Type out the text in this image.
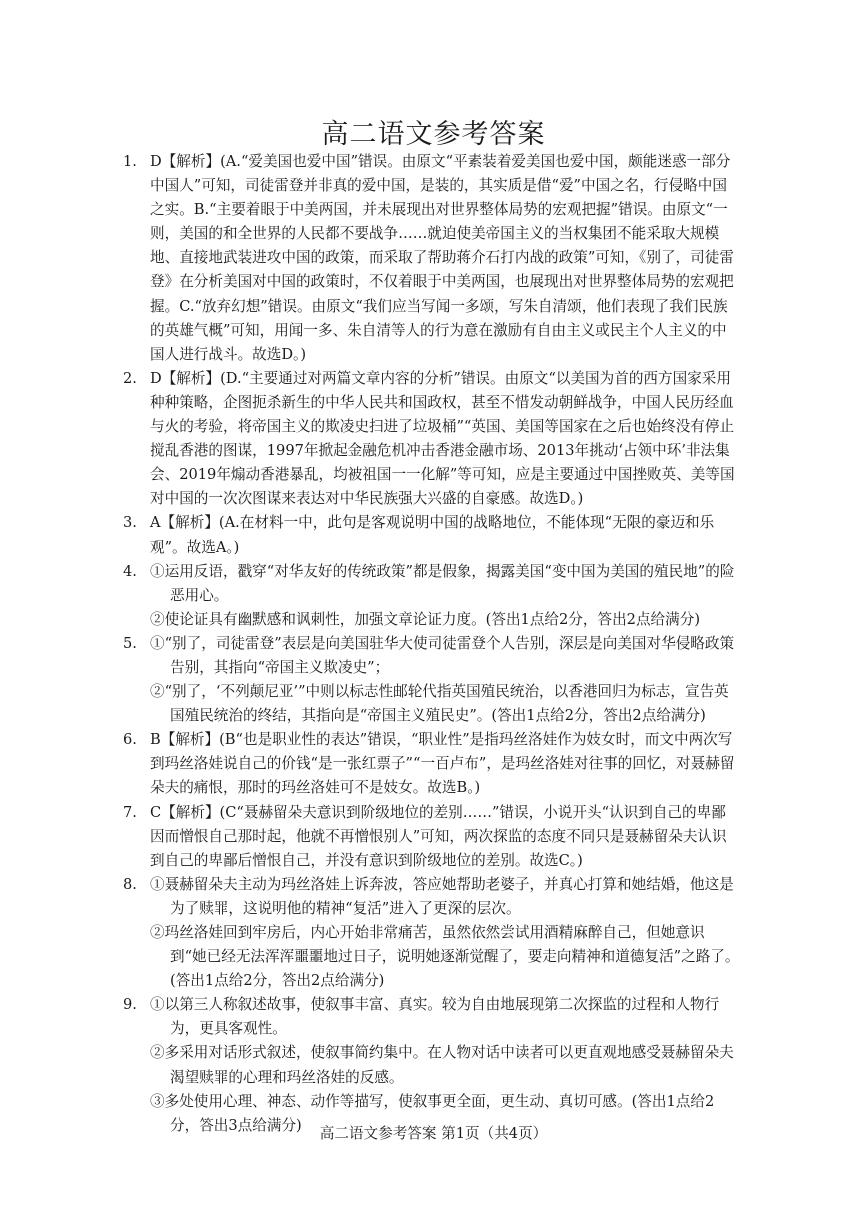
高二语文参考答案
1. D【解析】(A.“爱美国也爱中国”错误。由原文“平素装着爱美国也爱中国，颇能迷惑一部分中国人”可知，司徒雷登并非真的爱中国，是装的，其实质是借“爱”中国之名，行侵略中国之实。B.“主要着眼于中美两国，并未展现出对世界整体局势的宏观把握”错误。由原文“一则，美国的和全世界的人民都不要战争……就迫使美帝国主义的当权集团不能采取大规模地、直接地武装进攻中国的政策，而采取了帮助蒋介石打内战的政策”可知，《别了，司徒雷登》在分析美国对中国的政策时，不仅着眼于中美两国，也展现出对世界整体局势的宏观把握。C.“放弃幻想”错误。由原文“我们应当写闻一多颂，写朱自清颂，他们表现了我们民族的英雄气概”可知，用闻一多、朱自清等人的行为意在激励有自由主义或民主个人主义的中国人进行战斗。故选D。)

2. D【解析】(D.“主要通过对两篇文章内容的分析”错误。由原文“以美国为首的西方国家采用种种策略，企图扼杀新生的中华人民共和国政权，甚至不惜发动朝鲜战争，中国人民历经血与火的考验，将帝国主义的欺凌史扫进了垃圾桶”“英国、美国等国家在之后也始终没有停止搅乱香港的图谋，1997年掀起金融危机冲击香港金融市场、2013年挑动‘占领中环’非法集会、2019年煽动香港暴乱，均被祖国一一化解”等可知，应是主要通过中国挫败英、美等国对中国的一次次图谋来表达对中华民族强大兴盛的自豪感。故选D。)

3. A【解析】(A.在材料一中，此句是客观说明中国的战略地位，不能体现“无限的豪迈和乐观”。故选A。)

4. ①运用反语，戳穿“对华友好的传统政策”都是假象，揭露美国“变中国为美国的殖民地”的险恶用心。

②使论证具有幽默感和讽刺性，加强文章论证力度。(答出1点给2分，答出2点给满分)

5. ①“别了，司徒雷登”表层是向美国驻华大使司徒雷登个人告别，深层是向美国对华侵略政策告别，其指向“帝国主义欺凌史”；

②“别了，‘不列颠尼亚’”中则以标志性邮轮代指英国殖民统治，以香港回归为标志，宣告英国殖民统治的终结，其指向是“帝国主义殖民史”。(答出1点给2分，答出2点给满分)

6. B【解析】(B“也是职业性的表达”错误，“职业性”是指玛丝洛娃作为妓女时，而文中两次写到玛丝洛娃说自己的价钱“是一张红票子”“一百卢布”，是玛丝洛娃对往事的回忆，对聂赫留朵夫的痛恨，那时的玛丝洛娃可不是妓女。故选B。)

7. C【解析】(C“聂赫留朵夫意识到阶级地位的差别……”错误，小说开头“认识到自己的卑鄙因而憎恨自己那时起，他就不再憎恨别人”可知，两次探监的态度不同只是聂赫留朵夫认识到自己的卑鄙后憎恨自己，并没有意识到阶级地位的差别。故选C。)

8. ①聂赫留朵夫主动为玛丝洛娃上诉奔波，答应她帮助老婆子，并真心打算和她结婚，他这是为了赎罪，这说明他的精神“复活”进入了更深的层次。

②玛丝洛娃回到牢房后，内心开始非常痛苦，虽然依然尝试用酒精麻醉自己，但她意识到“她已经无法浑浑噩噩地过日子，说明她逐渐觉醒了，要走向精神和道德复活”之路了。(答出1点给2分，答出2点给满分)

9. ①以第三人称叙述故事，使叙事丰富、真实。较为自由地展现第二次探监的过程和人物行为，更具客观性。

②多采用对话形式叙述，使叙事简约集中。在人物对话中读者可以更直观地感受聂赫留朵夫渴望赎罪的心理和玛丝洛娃的反感。

③多处使用心理、神态、动作等描写，使叙事更全面，更生动、真切可感。(答出1点给2分，答出3点给满分)	高二语文参考答案 第1页（共4页）
